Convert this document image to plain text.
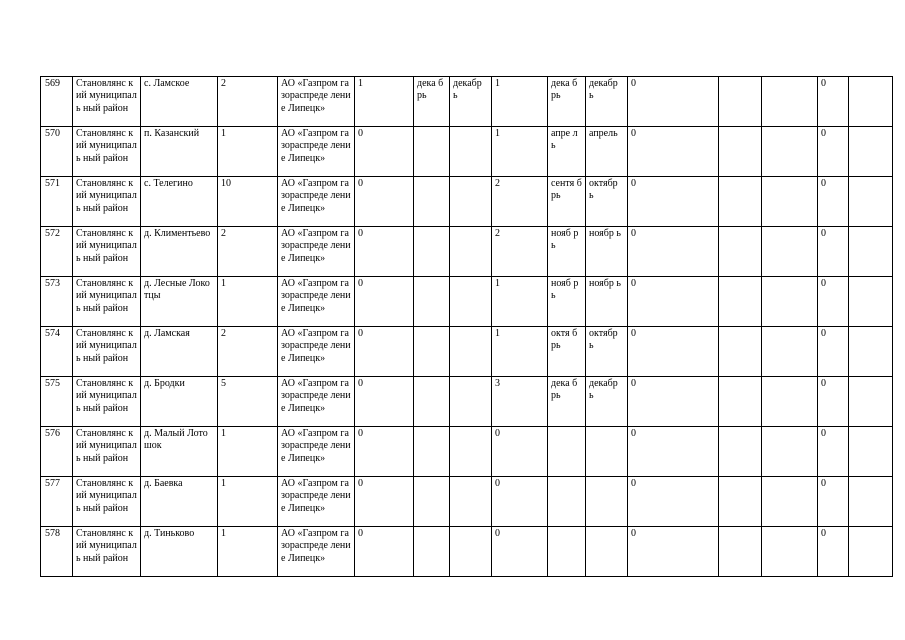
569	Становлянс кий муниципаль ный район	с. Ламское	2	АО «Газпром газораспреде ление Липецк»	1	дека брь	декабр ь	1	дека брь	декабр ь	0			0	
570	Становлянс кий муниципаль ный район	п. Казанский	1	АО «Газпром газораспреде ление Липецк»	0			1	апре ль	апрель	0			0	
571	Становлянс кий муниципаль ный район	с. Телегино	10	АО «Газпром газораспреде ление Липецк»	0			2	сентя брь	октябр ь	0			0	
572	Становлянс кий муниципаль ный район	д. Климентьево	2	АО «Газпром газораспреде ление Липецк»	0			2	нояб рь	ноябр ь	0			0	
573	Становлянс кий муниципаль ный район	д. Лесные Локотцы	1	АО «Газпром газораспреде ление Липецк»	0			1	нояб рь	ноябр ь	0			0	
574	Становлянс кий муниципаль ный район	д. Ламская	2	АО «Газпром газораспреде ление Липецк»	0			1	октя брь	октябр ь	0			0	
575	Становлянс кий муниципаль ный район	д. Бродки	5	АО «Газпром газораспреде ление Липецк»	0			3	дека брь	декабр ь	0			0	
576	Становлянс кий муниципаль ный район	д. Малый Лотошок	1	АО «Газпром газораспреде ление Липецк»	0			0			0			0	
577	Становлянс кий муниципаль ный район	д. Баевка	1	АО «Газпром газораспреде ление Липецк»	0			0			0			0	
578	Становлянс кий муниципаль ный район	д. Тиньково	1	АО «Газпром газораспреде ление Липецк»	0			0			0			0	
